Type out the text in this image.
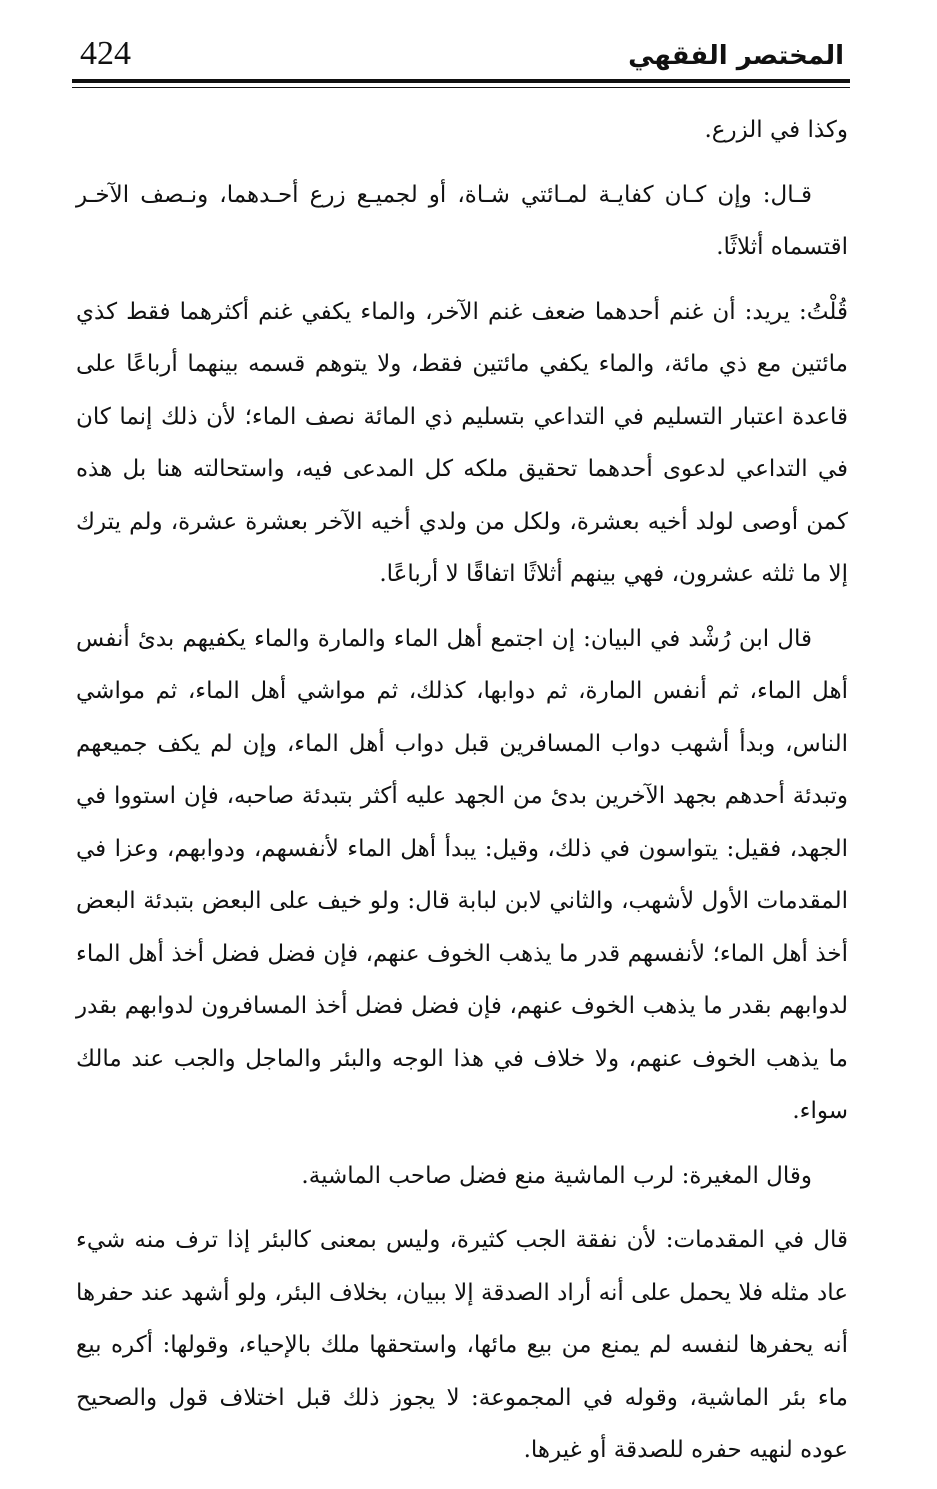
424	المختصر الفقهي

وكذا في الزرع.

قـال: وإن كـان كفايـة لمـائتي شـاة، أو لجميـع زرع أحـدهما، ونـصف الآخـر اقتسماه أثلاثًا.

قُلْتُ: يريد: أن غنم أحدهما ضعف غنم الآخر، والماء يكفي غنم أكثرهما فقط كذي مائتين مع ذي مائة، والماء يكفي مائتين فقط، ولا يتوهم قسمه بينهما أرباعًا على قاعدة اعتبار التسليم في التداعي بتسليم ذي المائة نصف الماء؛ لأن ذلك إنما كان في التداعي لدعوى أحدهما تحقيق ملكه كل المدعى فيه، واستحالته هنا بل هذه كمن أوصى لولد أخيه بعشرة، ولكل من ولدي أخيه الآخر بعشرة عشرة، ولم يترك إلا ما ثلثه عشرون، فهي بينهم أثلاثًا اتفاقًا لا أرباعًا.

قال ابن رُشْد في البيان: إن اجتمع أهل الماء والمارة والماء يكفيهم بدئ أنفس أهل الماء، ثم أنفس المارة، ثم دوابها، كذلك، ثم مواشي أهل الماء، ثم مواشي الناس، وبدأ أشهب دواب المسافرين قبل دواب أهل الماء، وإن لم يكف جميعهم وتبدئة أحدهم بجهد الآخرين بدئ من الجهد عليه أكثر بتبدئة صاحبه، فإن استووا في الجهد، فقيل: يتواسون في ذلك، وقيل: يبدأ أهل الماء لأنفسهم، ودوابهم، وعزا في المقدمات الأول لأشهب، والثاني لابن لبابة قال: ولو خيف على البعض بتبدئة البعض أخذ أهل الماء؛ لأنفسهم قدر ما يذهب الخوف عنهم، فإن فضل فضل أخذ أهل الماء لدوابهم بقدر ما يذهب الخوف عنهم، فإن فضل فضل أخذ المسافرون لدوابهم بقدر ما يذهب الخوف عنهم، ولا خلاف في هذا الوجه والبئر والماجل والجب عند مالك سواء.

وقال المغيرة: لرب الماشية منع فضل صاحب الماشية.

قال في المقدمات: لأن نفقة الجب كثيرة، وليس بمعنى كالبئر إذا ترف منه شيء عاد مثله فلا يحمل على أنه أراد الصدقة إلا ببيان، بخلاف البئر، ولو أشهد عند حفرها أنه يحفرها لنفسه لم يمنع من بيع مائها، واستحقها ملك بالإحياء، وقولها: أكره بيع ماء بئر الماشية، وقوله في المجموعة: لا يجوز ذلك قبل اختلاف قول والصحيح عوده لنهيه حفره للصدقة أو غيرها.
